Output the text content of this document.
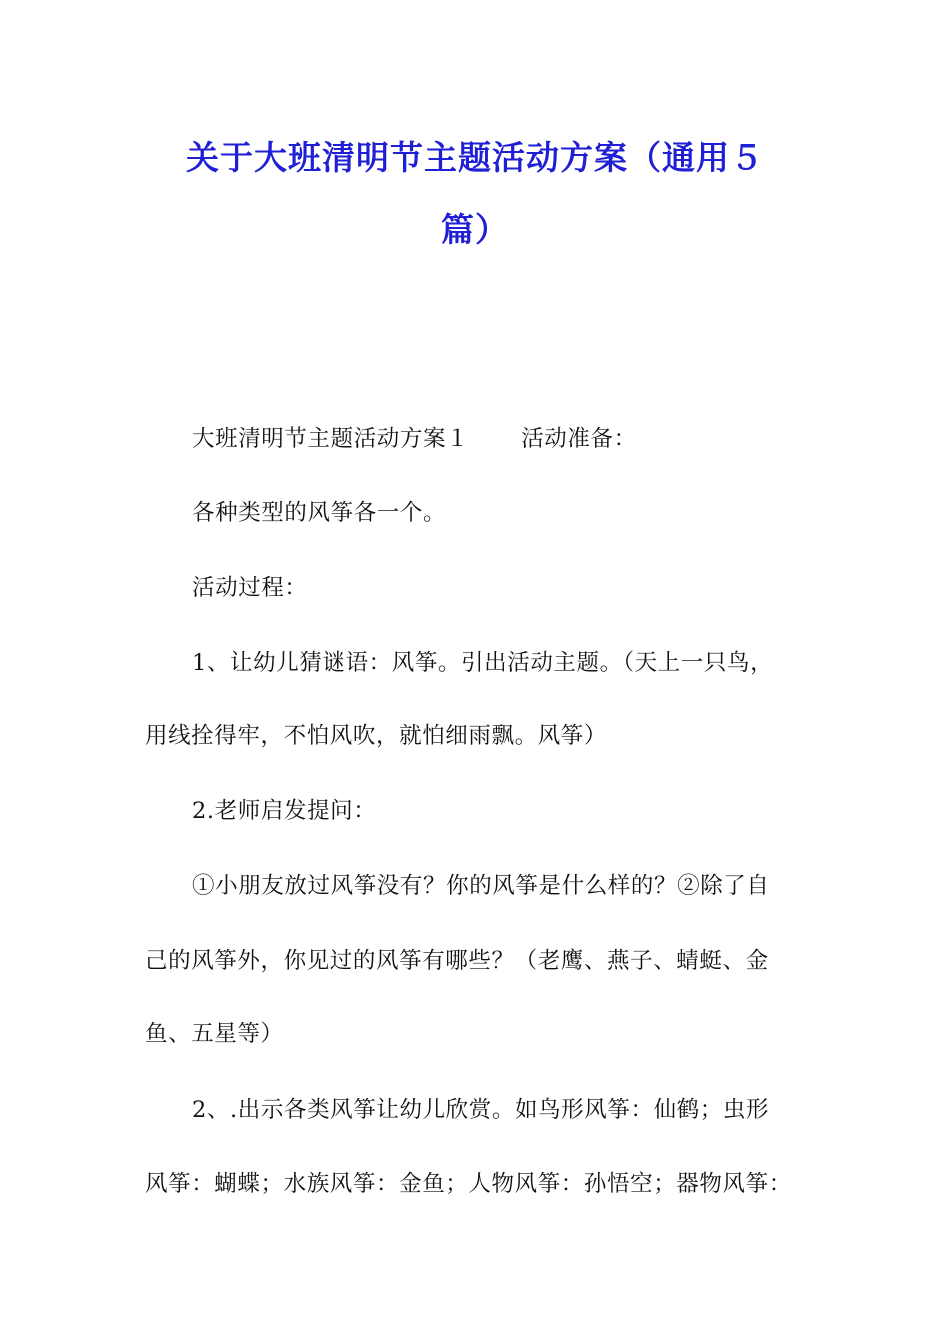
关于大班清明节主题活动方案（通用５
篇）
大班清明节主题活动方案１ 活动准备：
各种类型的风筝各一个。
活动过程：
1、让幼儿猜谜语：风筝。引出活动主题。（天上一只鸟，
用线拴得牢，不怕风吹，就怕细雨飘。风筝）
2.老师启发提问：
①小朋友放过风筝没有？你的风筝是什么样的？②除了自
己的风筝外，你见过的风筝有哪些？（老鹰、燕子、蜻蜓、金
鱼、五星等）
2、.出示各类风筝让幼儿欣赏。如鸟形风筝：仙鹤；虫形
风筝：蝴蝶；水族风筝：金鱼；人物风筝：孙悟空；器物风筝：
